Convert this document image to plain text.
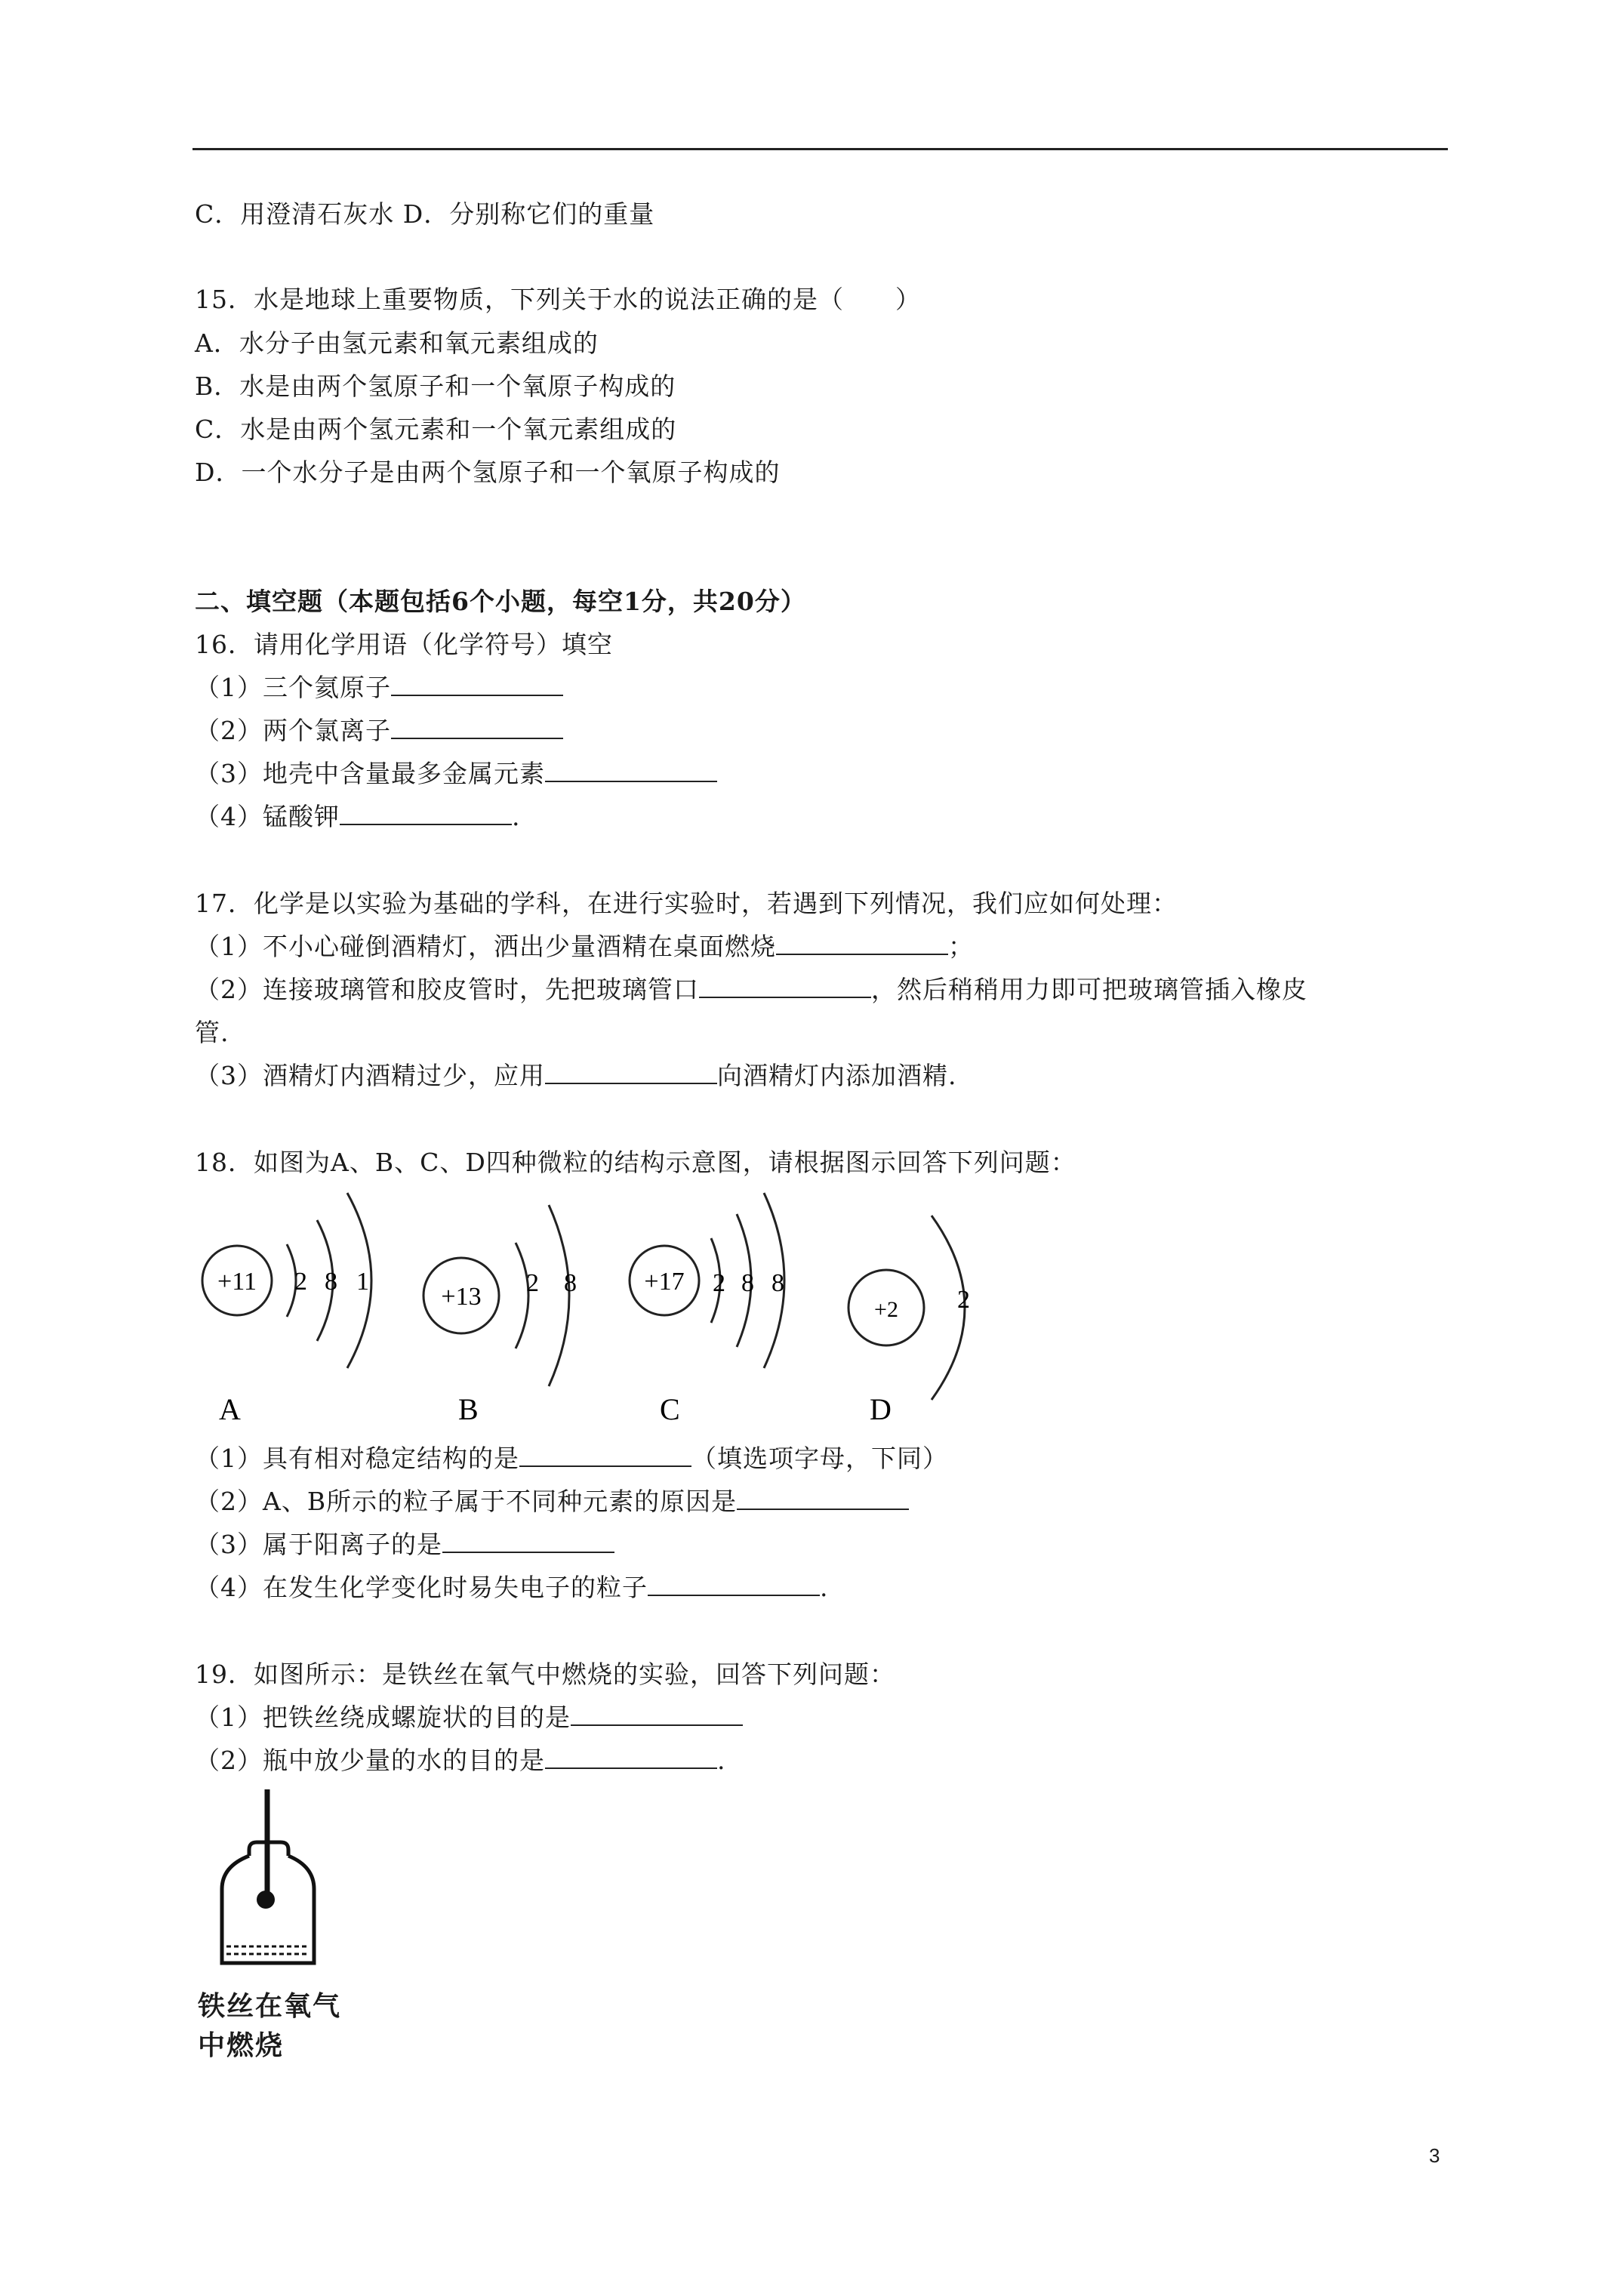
C．用澄清石灰水 D．分别称它们的重量
15．水是地球上重要物质，下列关于水的说法正确的是（　　）
A．水分子由氢元素和氧元素组成的
B．水是由两个氢原子和一个氧原子构成的
C．水是由两个氢元素和一个氧元素组成的
D．一个水分子是由两个氢原子和一个氧原子构成的
二、填空题（本题包括6个小题，每空1分，共20分）
16．请用化学用语（化学符号）填空
（1）三个氦原子
（2）两个氯离子
（3）地壳中含量最多金属元素
（4）锰酸钾	.
17．化学是以实验为基础的学科，在进行实验时，若遇到下列情况，我们应如何处理：
（1）不小心碰倒酒精灯，洒出少量酒精在桌面燃烧	；
（2）连接玻璃管和胶皮管时，先把玻璃管口	，然后稍稍用力即可把玻璃管插入橡皮
管.
（3）酒精灯内酒精过少，应用	向酒精灯内添加酒精.
18．如图为A、B、C、D四种微粒的结构示意图，请根据图示回答下列问题：
+11 2 8 1
A
+13 2 8
B
+17 2 8 8
C
+2 2
D
（1）具有相对稳定结构的是	（填选项字母，下同）
（2）A、B所示的粒子属于不同种元素的原因是
（3）属于阳离子的是
（4）在发生化学变化时易失电子的粒子	.
19．如图所示：是铁丝在氧气中燃烧的实验，回答下列问题：
（1）把铁丝绕成螺旋状的目的是
（2）瓶中放少量的水的目的是	.
铁丝在氧气
中燃烧
3
